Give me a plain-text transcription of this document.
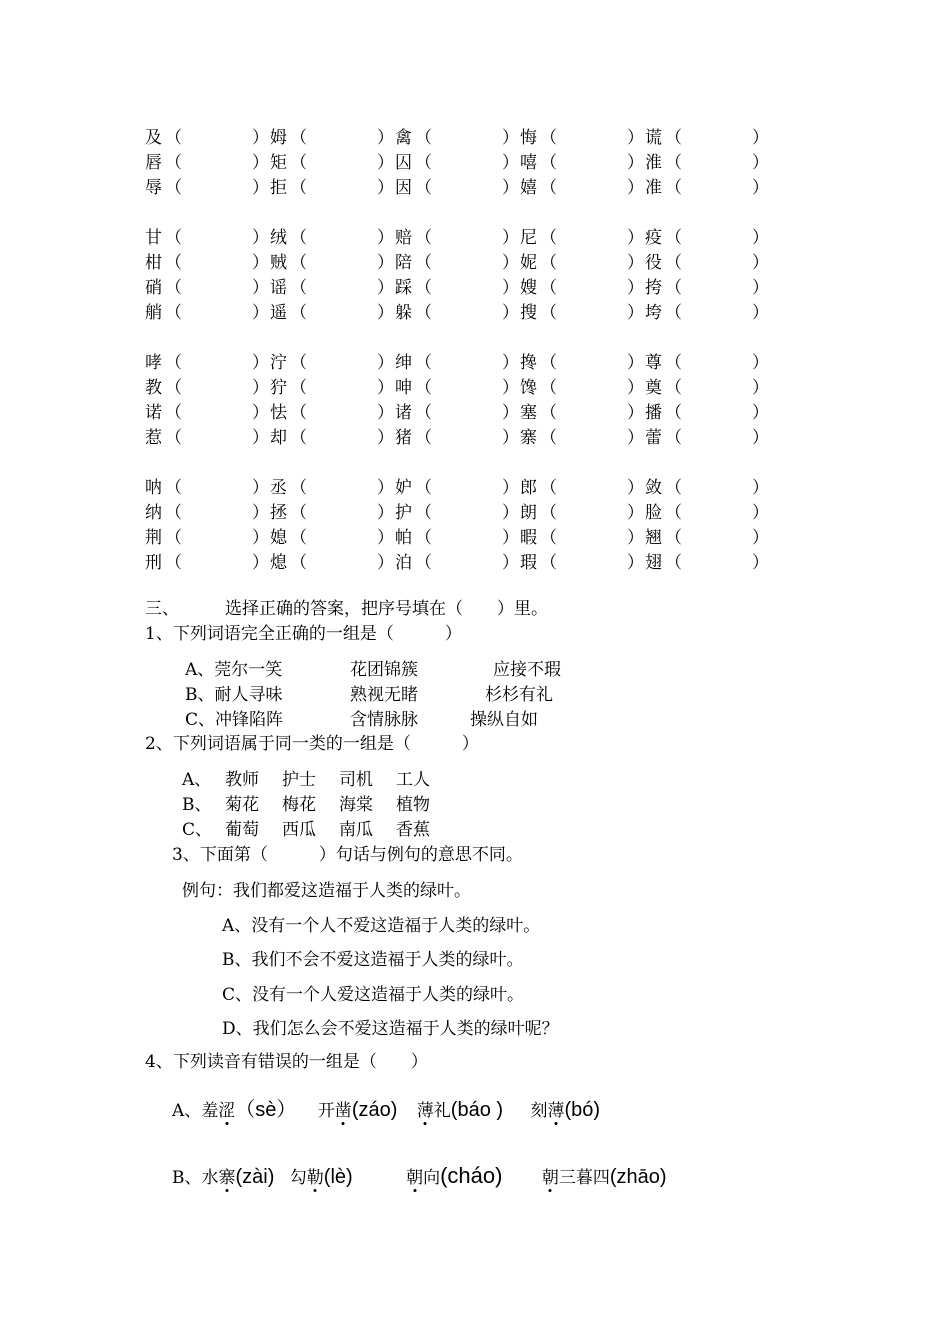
及 （	） 姆 （	） 禽 （	） 悔 （	） 谎 （	）
唇 （	） 矩 （	） 囚 （	） 嘻 （	） 淮 （	）
辱 （	） 拒 （	） 因 （	） 嬉 （	） 准 （	）
甘 （	） 绒 （	） 赔 （	） 尼 （	） 疫 （	）
柑 （	） 贼 （	） 陪 （	） 妮 （	） 役 （	）
硝 （	） 谣 （	） 踩 （	） 嫂 （	） 挎 （	）
艄 （	） 遥 （	） 躲 （	） 搜 （	） 垮 （	）
哮 （	） 泞 （	） 绅 （	） 搀 （	） 尊 （	）
教 （	） 狞 （	） 呻 （	） 馋 （	） 奠 （	）
诺 （	） 怯 （	） 诸 （	） 塞 （	） 播 （	）
惹 （	） 却 （	） 猪 （	） 寨 （	） 蕾 （	）
呐 （	） 丞 （	） 妒 （	） 郎 （	） 敛 （	）
纳 （	） 拯 （	） 护 （	） 朗 （	） 脸 （	）
荆 （	） 媳 （	） 帕 （	） 暇 （	） 翘 （	）
刑 （	） 熄 （	） 泊 （	） 瑕 （	） 翅 （	）
三、	选择正确的答案，把序号填在（　　）里。
1、下列词语完全正确的一组是（　　　）
A、莞尔一笑	花团锦簇	应接不瑕
B、耐人寻味	熟视无睹	杉杉有礼
C、冲锋陷阵	含情脉脉	操纵自如
2、下列词语属于同一类的一组是（　　　）
A、 教师 护士 司机 工人
B、 菊花 梅花 海棠 植物
C、 葡萄 西瓜 南瓜 香蕉
3、下面第（　　　）句话与例句的意思不同。
例句：我们都爱这造福于人类的绿叶。
A、没有一个人不爱这造福于人类的绿叶。
B、我们不会不爱这造福于人类的绿叶。
C、没有一个人爱这造福于人类的绿叶。
D、我们怎么会不爱这造福于人类的绿叶呢？
4、下列读音有错误的一组是（　　）
A、羞涩（sè） 开凿(záo) 薄礼(báo ) 刻薄(bó)
B、水寨(zài) 勾勒(lè)	朝向(cháo) 朝三暮四(zhāo)
